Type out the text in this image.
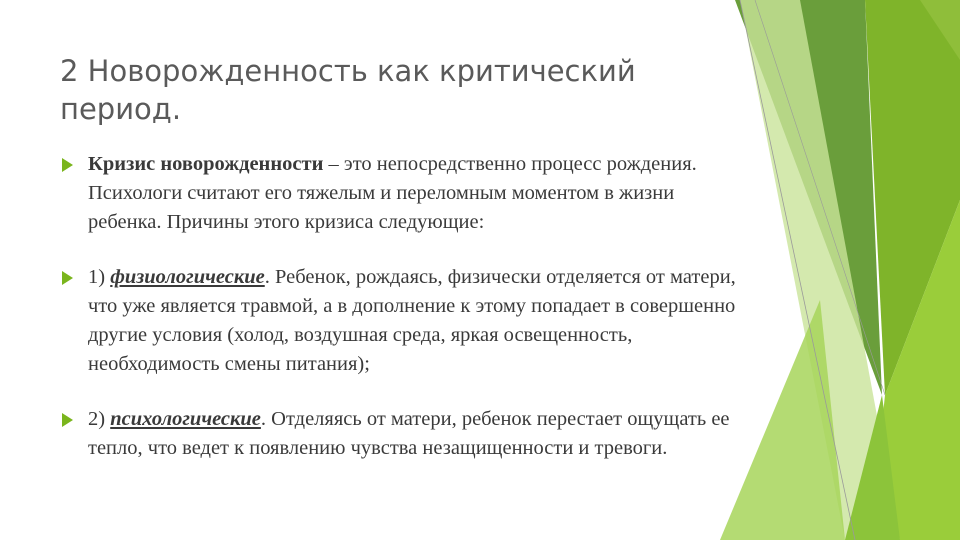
2 Новорожденность как критический период.
Кризис новорожденности – это непосредственно процесс рождения. Психологи считают его тяжелым и переломным моментом в жизни ребенка. Причины этого кризиса следующие:
1) физиологические. Ребенок, рождаясь, физически отделяется от матери, что уже является травмой, а в дополнение к этому попадает в совершенно другие условия (холод, воздушная среда, яркая освещенность, необходимость смены питания);
2) психологические. Отделяясь от матери, ребенок перестает ощущать ее тепло, что ведет к появлению чувства незащищенности и тревоги.
